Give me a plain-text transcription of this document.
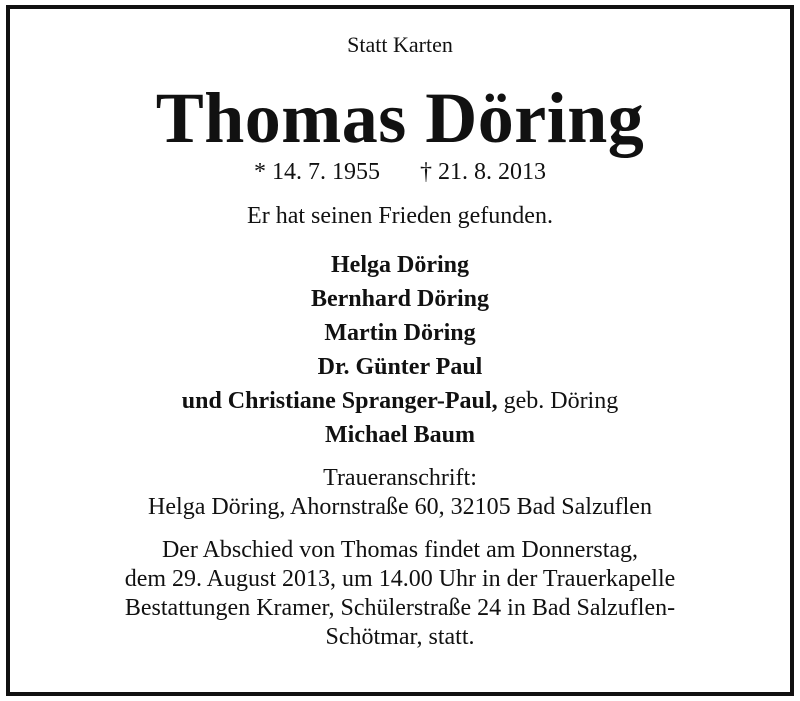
Statt Karten
Thomas Döring
* 14. 7. 1955 † 21. 8. 2013
Er hat seinen Frieden gefunden.
Helga Döring
Bernhard Döring
Martin Döring
Dr. Günter Paul
und Christiane Spranger-Paul, geb. Döring
Michael Baum
Traueranschrift:
Helga Döring, Ahornstraße 60, 32105 Bad Salzuflen
Der Abschied von Thomas findet am Donnerstag,
dem 29. August 2013, um 14.00 Uhr in der Trauerkapelle
Bestattungen Kramer, Schülerstraße 24 in Bad Salzuflen-
Schötmar, statt.
